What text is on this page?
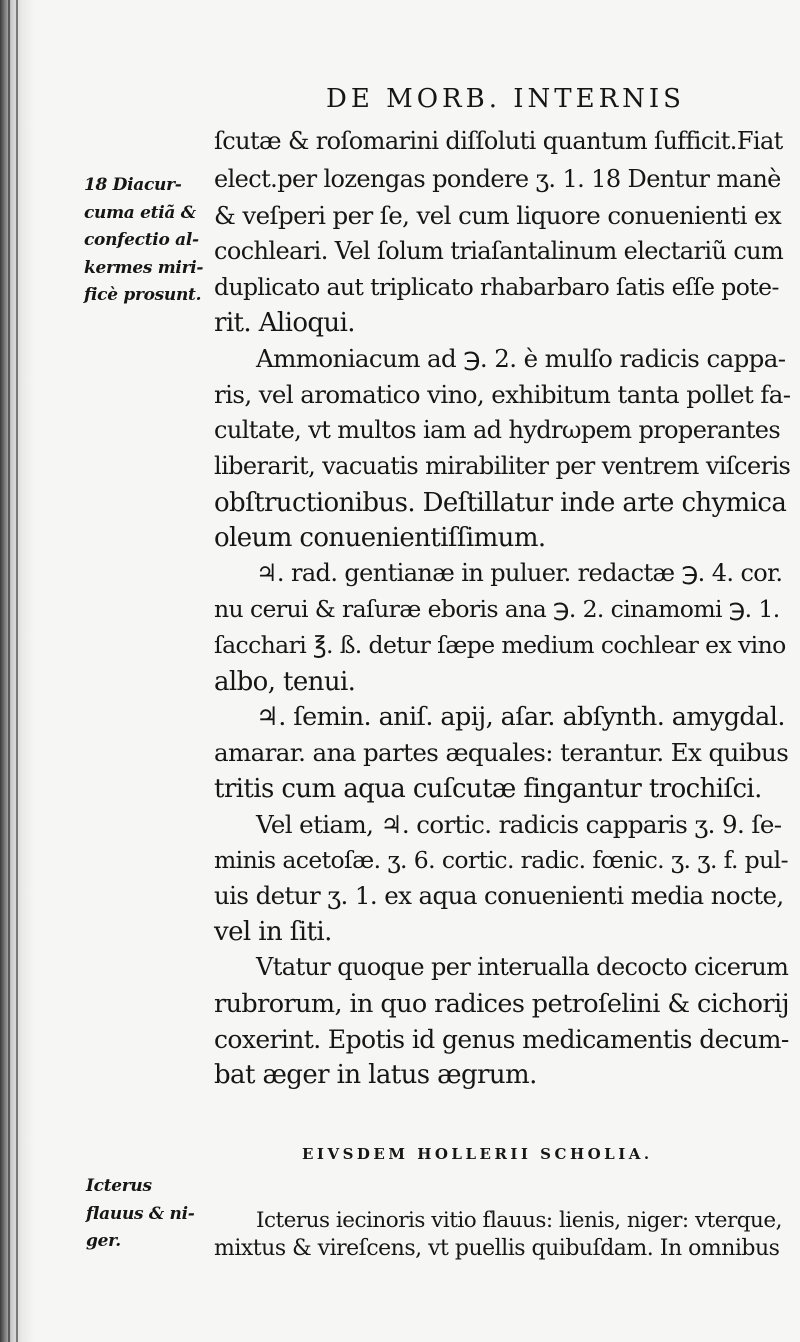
DE MORB. INTERNIS
18 Diacur-
cuma etiã &
confectio al-
kermes miri-
ficè prosunt.
ſcutæ & roſomarini diſſoluti quantum ſufficit.Fiat
elect.per lozengas pondere ʒ. 1. 18 Dentur manè
& veſperi per ſe, vel cum liquore conuenienti ex
cochleari. Vel ſolum triaſantalinum electariũ cum
duplicato aut triplicato rhabarbaro ſatis eſſe pote-
rit. Alioqui.
Ammoniacum ad ℈. 2. è mulſo radicis cappa-
ris, vel aromatico vino, exhibitum tanta pollet fa-
cultate, vt multos iam ad hydrωpem properantes
liberarit, vacuatis mirabiliter per ventrem viſceris
obſtructionibus. Deſtillatur inde arte chymica
oleum conuenientiſſimum.
♃. rad. gentianæ in puluer. redactæ ℈. 4. cor.
nu cerui & raſuræ eboris ana ℈. 2. cinamomi ℈. 1.
ſacchari ℥. ß. detur ſæpe medium cochlear ex vino
albo, tenui.
♃. ſemin. aniſ. apij, aſar. abſynth. amygdal.
amarar. ana partes æquales: terantur. Ex quibus
tritis cum aqua cuſcutæ fingantur trochiſci.
Vel etiam, ♃. cortic. radicis capparis ʒ. 9. ſe-
minis acetoſæ. ʒ. 6. cortic. radic. fœnic. ʒ. ʒ. f. pul-
uis detur ʒ. 1. ex aqua conuenienti media nocte,
vel in ſiti.
Vtatur quoque per interualla decocto cicerum
rubrorum, in quo radices petroſelini & cichorij
coxerint. Epotis id genus medicamentis decum-
bat æger in latus ægrum.
EIVSDEM HOLLERII SCHOLIA.
Icterus
flauus & ni-
ger.
Icterus iecinoris vitio flauus: lienis, niger: vterque,
mixtus & vireſcens, vt puellis quibuſdam. In omnibus
